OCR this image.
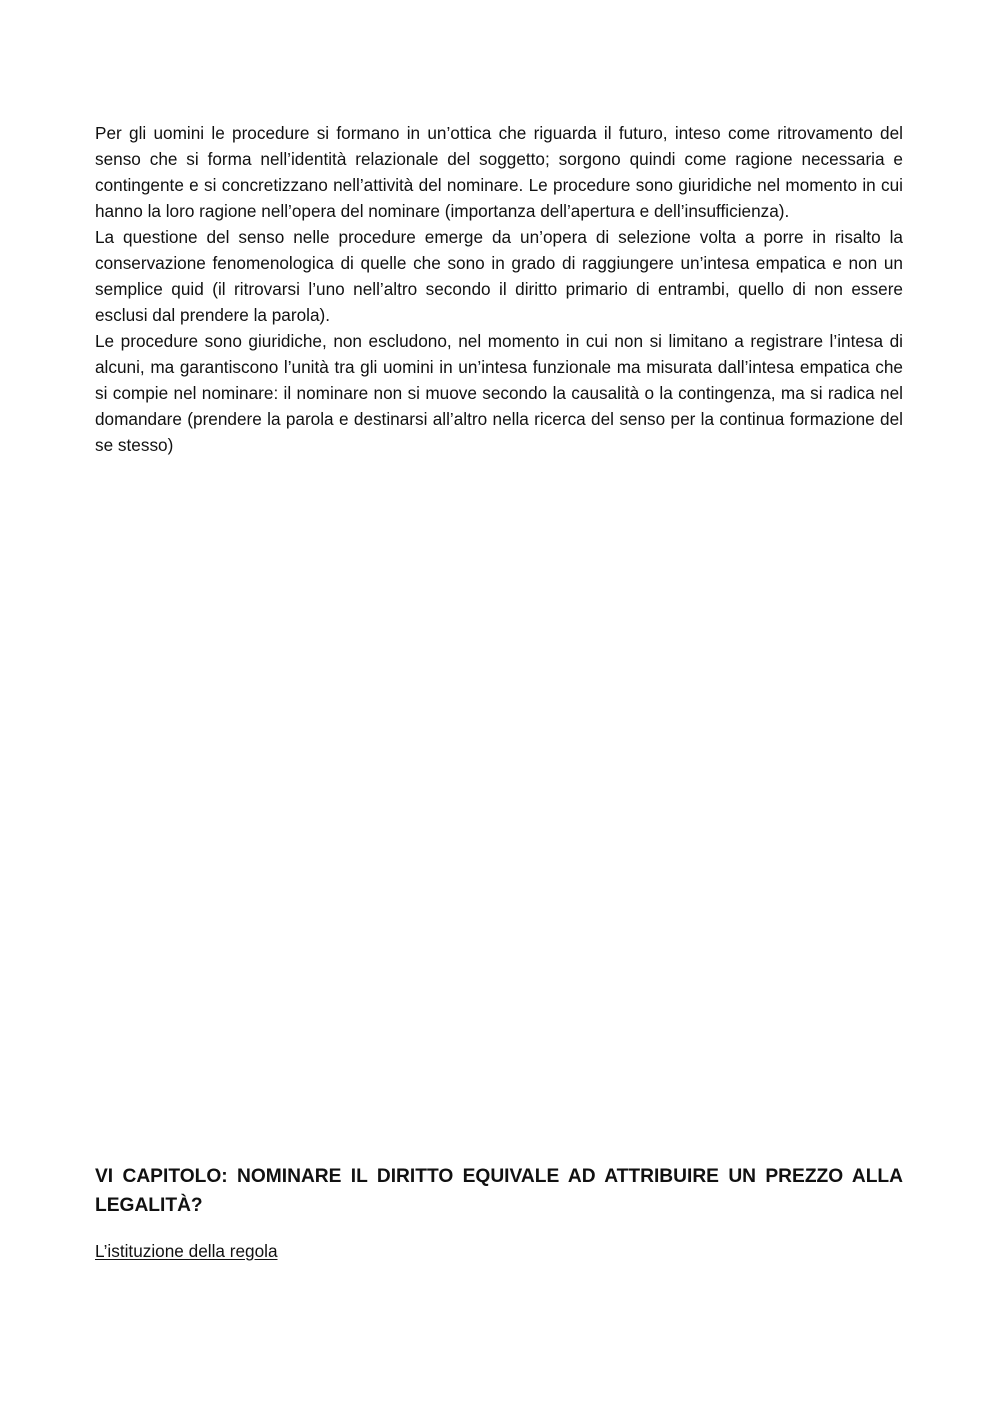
Per gli uomini le procedure si formano in un’ottica che riguarda il futuro, inteso come ritrovamento del senso che si forma nell’identità relazionale del soggetto; sorgono quindi come ragione necessaria e contingente e si concretizzano nell’attività del nominare. Le procedure sono giuridiche nel momento in cui hanno la loro ragione nell’opera del nominare (importanza dell’apertura e dell’insufficienza).

La questione del senso nelle procedure emerge da un’opera di selezione volta a porre in risalto la conservazione fenomenologica di quelle che sono in grado di raggiungere un’intesa empatica e non un semplice quid (il ritrovarsi l’uno nell’altro secondo il diritto primario di entrambi, quello di non essere esclusi dal prendere la parola).

Le procedure sono giuridiche, non escludono, nel momento in cui non si limitano a registrare l’intesa di alcuni, ma garantiscono l’unità tra gli uomini in un’intesa funzionale ma misurata dall’intesa empatica che si compie nel nominare: il nominare non si muove secondo la causalità o la contingenza, ma si radica nel domandare (prendere la parola e destinarsi all’altro nella ricerca del senso per la continua formazione del se stesso)

VI CAPITOLO: NOMINARE IL DIRITTO EQUIVALE AD ATTRIBUIRE UN PREZZO ALLA LEGALITÀ?

L’istituzione della regola
